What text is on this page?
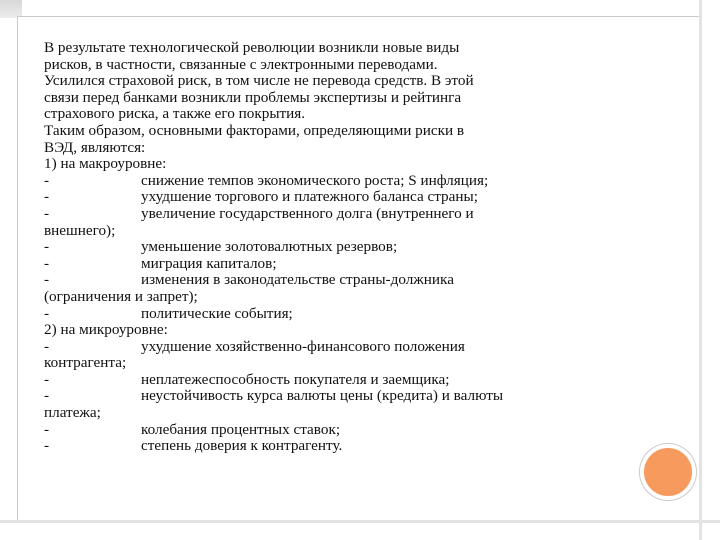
В результате технологической революции возникли новые виды
рисков, в частности, связанные с электронными переводами.
Усилился страховой риск, в том числе не перевода средств. В этой
связи перед банками возникли проблемы экспертизы и рейтинга
страхового риска, а также его покрытия.
Таким образом, основными факторами, определяющими риски в
ВЭД, являются:
1) на макроуровне:
-	снижение темпов экономического роста; S инфляция;
-	ухудшение торгового и платежного баланса страны;
-	увеличение государственного долга (внутреннего и
внешнего);
-	уменьшение золотовалютных резервов;
-	миграция капиталов;
-	изменения в законодательстве страны-должника
(ограничения и запрет);
-	политические события;
2) на микроуровне:
-	ухудшение хозяйственно-финансового положения
контрагента;
-	неплатежеспособность покупателя и заемщика;
-	неустойчивость курса валюты цены (кредита) и валюты
платежа;
-	колебания процентных ставок;
-	степень доверия к контрагенту.
